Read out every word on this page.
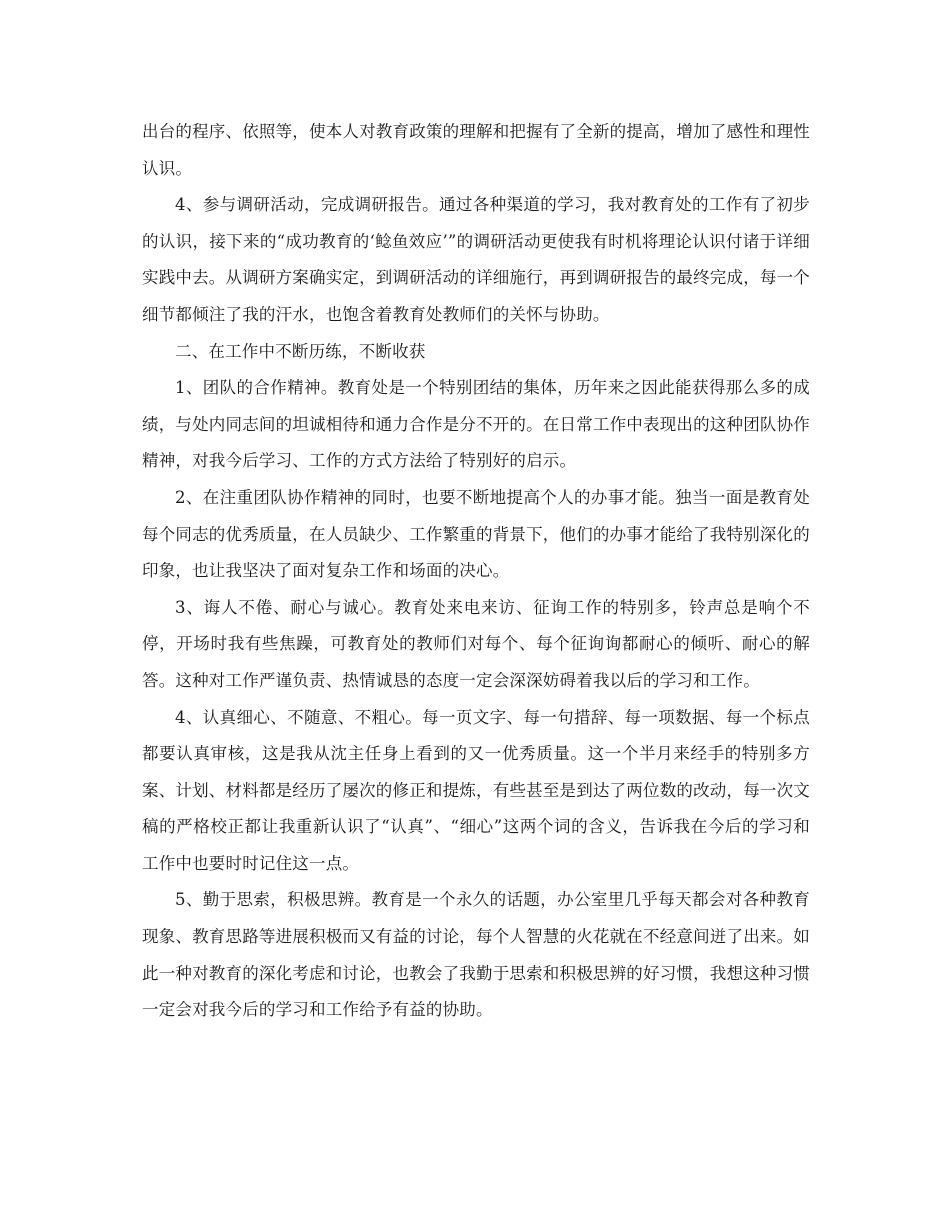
出台的程序、依照等，使本人对教育政策的理解和把握有了全新的提高，增加了感性和理性认识。

4、参与调研活动，完成调研报告。通过各种渠道的学习，我对教育处的工作有了初步的认识，接下来的“成功教育的‘鲶鱼效应’”的调研活动更使我有时机将理论认识付诸于详细实践中去。从调研方案确实定，到调研活动的详细施行，再到调研报告的最终完成，每一个细节都倾注了我的汗水，也饱含着教育处教师们的关怀与协助。

二、在工作中不断历练，不断收获

1、团队的合作精神。教育处是一个特别团结的集体，历年来之因此能获得那么多的成绩，与处内同志间的坦诚相待和通力合作是分不开的。在日常工作中表现出的这种团队协作精神，对我今后学习、工作的方式方法给了特别好的启示。

2、在注重团队协作精神的同时，也要不断地提高个人的办事才能。独当一面是教育处每个同志的优秀质量，在人员缺少、工作繁重的背景下，他们的办事才能给了我特别深化的印象，也让我坚决了面对复杂工作和场面的决心。

3、诲人不倦、耐心与诚心。教育处来电来访、征询工作的特别多，铃声总是响个不停，开场时我有些焦躁，可教育处的教师们对每个、每个征询询都耐心的倾听、耐心的解答。这种对工作严谨负责、热情诚恳的态度一定会深深妨碍着我以后的学习和工作。

4、认真细心、不随意、不粗心。每一页文字、每一句措辞、每一项数据、每一个标点都要认真审核，这是我从沈主任身上看到的又一优秀质量。这一个半月来经手的特别多方案、计划、材料都是经历了屡次的修正和提炼，有些甚至是到达了两位数的改动，每一次文稿的严格校正都让我重新认识了“认真”、“细心”这两个词的含义，告诉我在今后的学习和工作中也要时时记住这一点。

5、勤于思索，积极思辨。教育是一个永久的话题，办公室里几乎每天都会对各种教育现象、教育思路等进展积极而又有益的讨论，每个人智慧的火花就在不经意间迸了出来。如此一种对教育的深化考虑和讨论，也教会了我勤于思索和积极思辨的好习惯，我想这种习惯一定会对我今后的学习和工作给予有益的协助。
